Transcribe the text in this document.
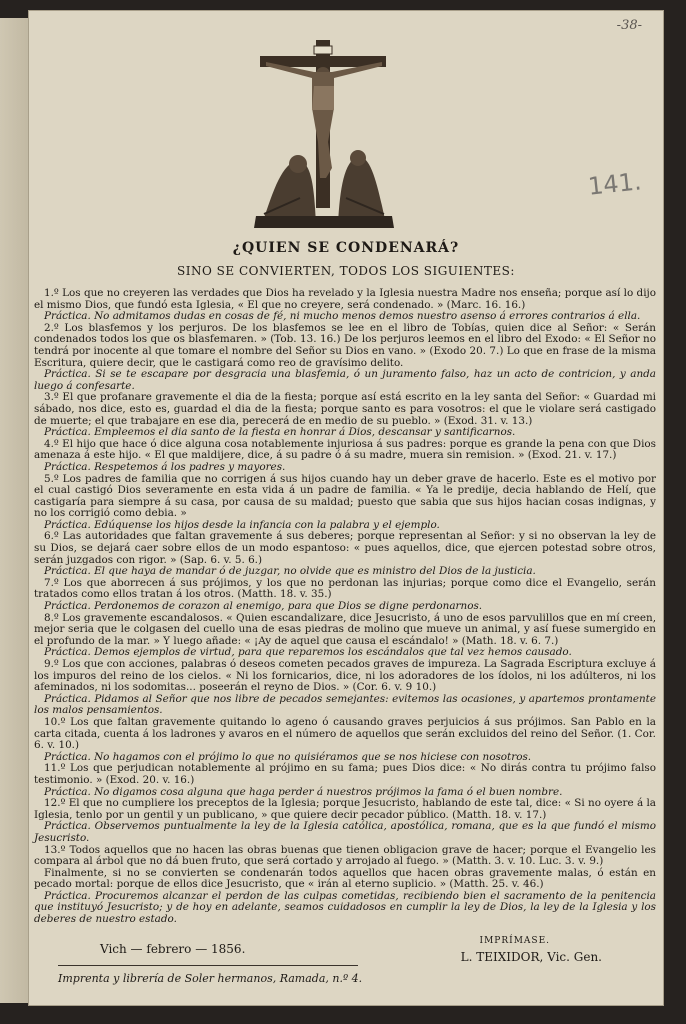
-38-
141.
¿QUIEN SE CONDENARÁ?
SINO SE CONVIERTEN, TODOS LOS SIGUIENTES:

1.º Los que no creyeren las verdades que Dios ha revelado y la Iglesia nuestra Madre nos enseña; porque así lo dijo el mismo Dios, que fundó esta Iglesia, « El que no creyere, será condenado. » (Marc. 16. 16.)

Práctica. No admitamos dudas en cosas de fé, ni mucho menos demos nuestro asenso á errores contrarios á ella.

2.º Los blasfemos y los perjuros. De los blasfemos se lee en el libro de Tobías, quien dice al Señor: « Serán condenados todos los que os blasfemaren. » (Tob. 13. 16.) De los perjuros leemos en el libro del Exodo: « El Señor no tendrá por inocente al que tomare el nombre del Señor su Dios en vano. » (Exodo 20. 7.) Lo que en frase de la misma Escritura, quiere decir, que le castigará como reo de gravísimo delito.

Práctica. Si se te escapare por desgracia una blasfemia, ó un juramento falso, haz un acto de contricion, y anda luego á confesarte.

3.º El que profanare gravemente el dia de la fiesta; porque así está escrito en la ley santa del Señor: « Guardad mi sábado, nos dice, esto es, guardad el dia de la fiesta; porque santo es para vosotros: el que le violare será castigado de muerte; el que trabajare en ese dia, perecerá de en medio de su pueblo. » (Exod. 31. v. 13.)

Práctica. Empleemos el dia santo de la fiesta en honrar á Dios, descansar y santificarnos.

4.º El hijo que hace ó dice alguna cosa notablemente injuriosa á sus padres: porque es grande la pena con que Dios amenaza á este hijo. « El que maldijere, dice, á su padre ó á su madre, muera sin remision. » (Exod. 21. v. 17.)

Práctica. Respetemos á los padres y mayores.

5.º Los padres de familia que no corrigen á sus hijos cuando hay un deber grave de hacerlo. Este es el motivo por el cual castigó Dios severamente en esta vida á un padre de familia. « Ya le predije, decia hablando de Helí, que castigaría para siempre á su casa, por causa de su maldad; puesto que sabia que sus hijos hacian cosas indignas, y no los corrigió como debia. »

Práctica. Edúquense los hijos desde la infancia con la palabra y el ejemplo.

6.º Las autoridades que faltan gravemente á sus deberes; porque representan al Señor: y si no observan la ley de su Dios, se dejará caer sobre ellos de un modo espantoso: « pues aquellos, dice, que ejercen potestad sobre otros, serán juzgados con rigor. » (Sap. 6. v. 5. 6.)

Práctica. El que haya de mandar ó de juzgar, no olvide que es ministro del Dios de la justicia.

7.º Los que aborrecen á sus prójimos, y los que no perdonan las injurias; porque como dice el Evangelio, serán tratados como ellos tratan á los otros. (Matth. 18. v. 35.)

Práctica. Perdonemos de corazon al enemigo, para que Dios se digne perdonarnos.

8.º Los gravemente escandalosos. « Quien escandalizare, dice Jesucristo, á uno de esos parvulillos que en mí creen, mejor seria que le colgasen del cuello una de esas piedras de molino que mueve un animal, y así fuese sumergido en el profundo de la mar. » Y luego añade: « ¡Ay de aquel que causa el escándalo! » (Math. 18. v. 6. 7.)

Práctica. Demos ejemplos de virtud, para que reparemos los escándalos que tal vez hemos causado.

9.º Los que con acciones, palabras ó deseos cometen pecados graves de impureza. La Sagrada Escriptura excluye á los impuros del reino de los cielos. « Ni los fornicarios, dice, ni los adoradores de los ídolos, ni los adúlteros, ni los afeminados, ni los sodomitas... poseerán el reyno de Dios. » (Cor. 6. v. 9 10.)

Práctica. Pidamos al Señor que nos libre de pecados semejantes: evitemos las ocasiones, y apartemos prontamente los malos pensamientos.

10.º Los que faltan gravemente quitando lo ageno ó causando graves perjuicios á sus prójimos. San Pablo en la carta citada, cuenta á los ladrones y avaros en el número de aquellos que serán excluidos del reino del Señor. (1. Cor. 6. v. 10.)

Práctica. No hagamos con el prójimo lo que no quisiéramos que se nos hiciese con nosotros.

11.º Los que perjudican notablemente al prójimo en su fama; pues Dios dice: « No dirás contra tu prójimo falso testimonio. » (Exod. 20. v. 16.)

Práctica. No digamos cosa alguna que haga perder á nuestros prójimos la fama ó el buen nombre.

12.º El que no cumpliere los preceptos de la Iglesia; porque Jesucristo, hablando de este tal, dice: « Si no oyere á la Iglesia, tenlo por un gentil y un publicano, » que quiere decir pecador público. (Matth. 18. v. 17.)

Práctica. Observemos puntualmente la ley de la Iglesia católica, apostólica, romana, que es la que fundó el mismo Jesucristo.

13.º Todos aquellos que no hacen las obras buenas que tienen obligacion grave de hacer; porque el Evangelio les compara al árbol que no dá buen fruto, que será cortado y arrojado al fuego. » (Matth. 3. v. 10. Luc. 3. v. 9.)

Finalmente, si no se convierten se condenarán todos aquellos que hacen obras gravemente malas, ó están en pecado mortal: porque de ellos dice Jesucristo, que « irán al eterno suplicio. » (Matth. 25. v. 46.)

Práctica. Procuremos alcanzar el perdon de las culpas cometidas, recibiendo bien el sacramento de la penitencia que instituyó Jesucristo; y de hoy en adelante, seamos cuidadosos en cumplir la ley de Dios, la ley de la Iglesia y los deberes de nuestro estado.

Vich — febrero — 1856.
IMPRÍMASE.
L. TEIXIDOR, Vic. Gen.
Imprenta y librería de Soler hermanos, Ramada, n.º 4.
